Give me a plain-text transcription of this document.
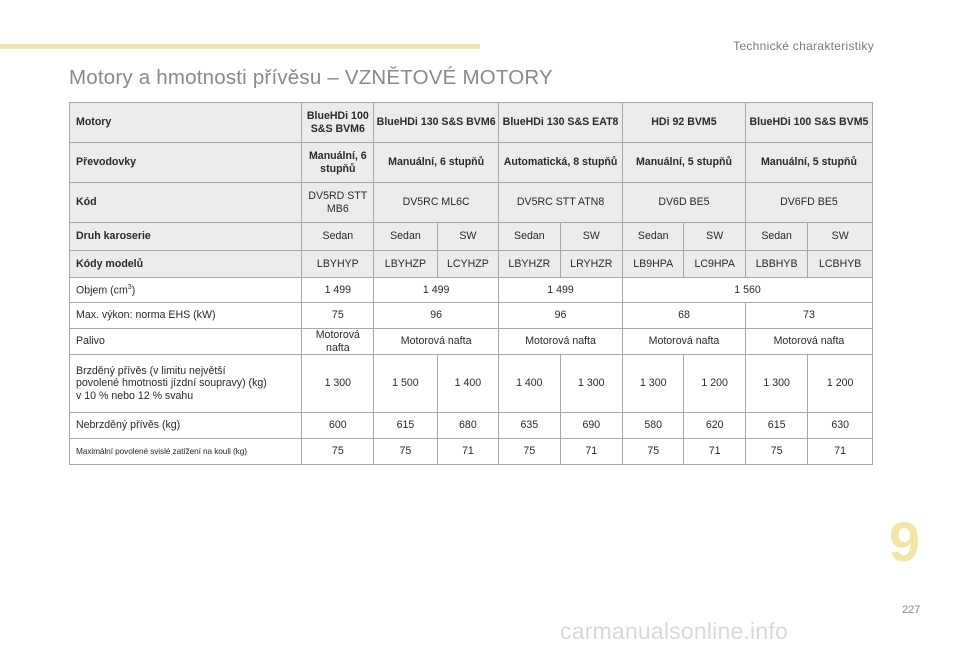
Technické charakteristiky
Motory a hmotnosti přívěsu – VZNĚTOVÉ MOTORY
Motory	BlueHDi 100 S&S BVM6	BlueHDi 130 S&S BVM6		BlueHDi 130 S&S EAT8		HDi 92 BVM5		BlueHDi 100 S&S BVM5	
Převodovky	Manuální, 6 stupňů	Manuální, 6 stupňů		Automatická, 8 stupňů		Manuální, 5 stupňů		Manuální, 5 stupňů	
Kód	DV5RD STT MB6	DV5RC ML6C		DV5RC STT ATN8		DV6D BE5		DV6FD BE5	
Druh karoserie	Sedan	Sedan	SW	Sedan	SW	Sedan	SW	Sedan	SW
Kódy modelů	LBYHYP	LBYHZP	LCYHZP	LBYHZR	LRYHZR	LB9HPA	LC9HPA	LBBHYB	LCBHYB
Objem $(cm^3)$	1 499	1 499		1 499		1 560			
Max. výkon: norma EHS (kW)	75	96		96		68		73	
Palivo	Motorová nafta	Motorová nafta		Motorová nafta		Motorová nafta		Motorová nafta	

Brzděný přívěs (v limitu největší
povolené hmotnosti jízdní soupravy) (kg)
v 10 % nebo 12 % svahu	1 300	1 500	1 400	1 400	1 300	1 300	1 200	1 300	1 200
Nebrzděný přívěs (kg)	600	615	680	635	690	580	620	615	630
Maximální povolené svislé zatížení na kouli (kg)	75	75	71	75	71	75	71	75	71
9
227
carmanualsonline.info
